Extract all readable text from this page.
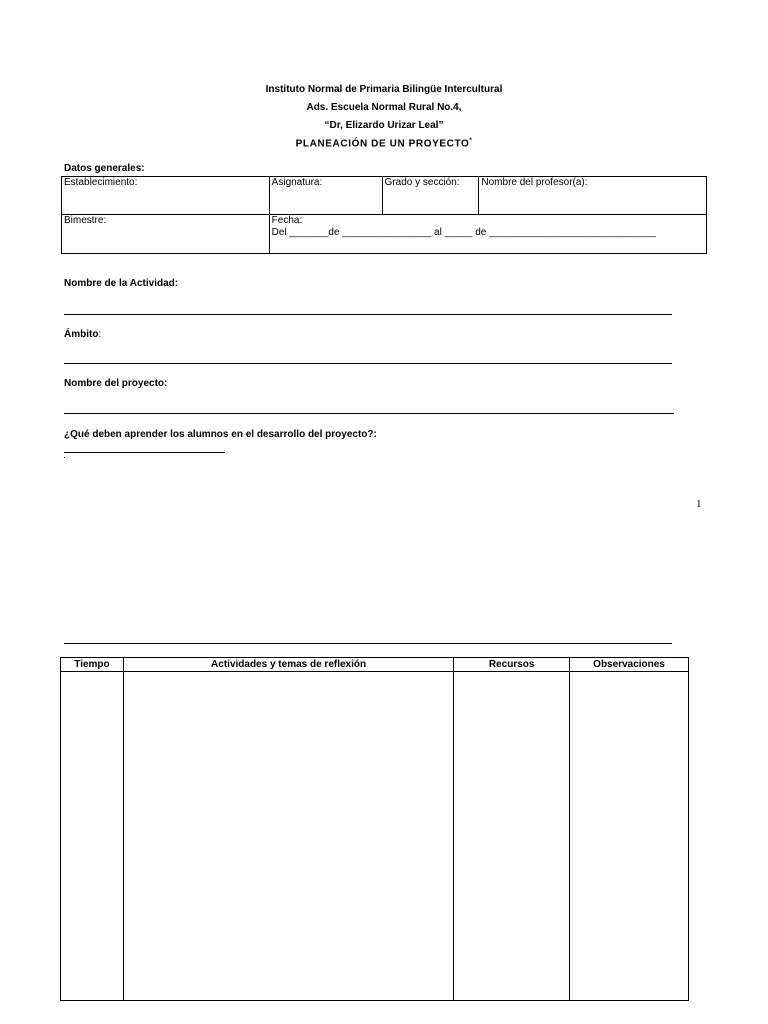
Instituto Normal de Primaria Bilingüe Intercultural
Ads. Escuela Normal Rural No.4,
“Dr, Elizardo Urizar Leal”
PLANEACIÓN DE UN PROYECTO*
Datos generales:
Establecimiento:	Asignatura:	Grado y sección:	Nombre del profesor(a):
Bimestre:	Fecha:
Del _______de ________________ al _____ de ______________________________		
Nombre de la Actividad:
Ámbito:
Nombre del proyecto:
¿Qué deben aprender los alumnos en el desarrollo del proyecto?:
1
Tiempo	Actividades y temas de reflexión	Recursos	Observaciones
